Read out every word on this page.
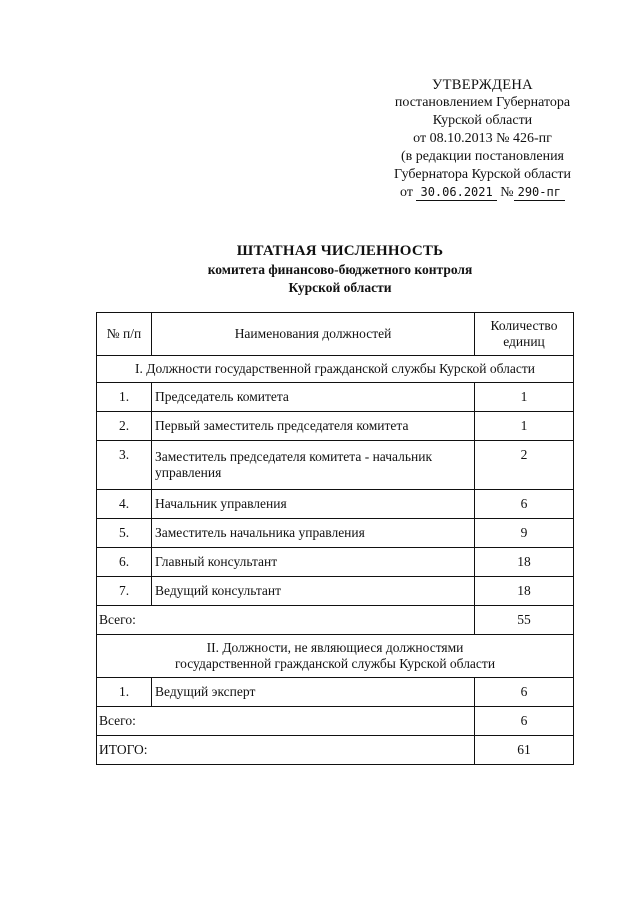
УТВЕРЖДЕНА
постановлением Губернатора
Курской области
от 08.10.2013 № 426-пг
(в редакции постановления
Губернатора Курской области
от 30.06.2021 № 290-пг
ШТАТНАЯ ЧИСЛЕННОСТЬ
комитета финансово-бюджетного контроля
Курской области
№ п/п	Наименования должностей	Количество единиц
I. Должности государственной гражданской службы Курской области		
1.	Председатель комитета	1
2.	Первый заместитель председателя комитета	1
3.	Заместитель председателя комитета - начальник управления	2
4.	Начальник управления	6
5.	Заместитель начальника управления	9
6.	Главный консультант	18
7.	Ведущий консультант	18
Всего:		55
II. Должности, не являющиеся должностями государственной гражданской службы Курской области		
1.	Ведущий эксперт	6
Всего:		6
ИТОГО:		61
